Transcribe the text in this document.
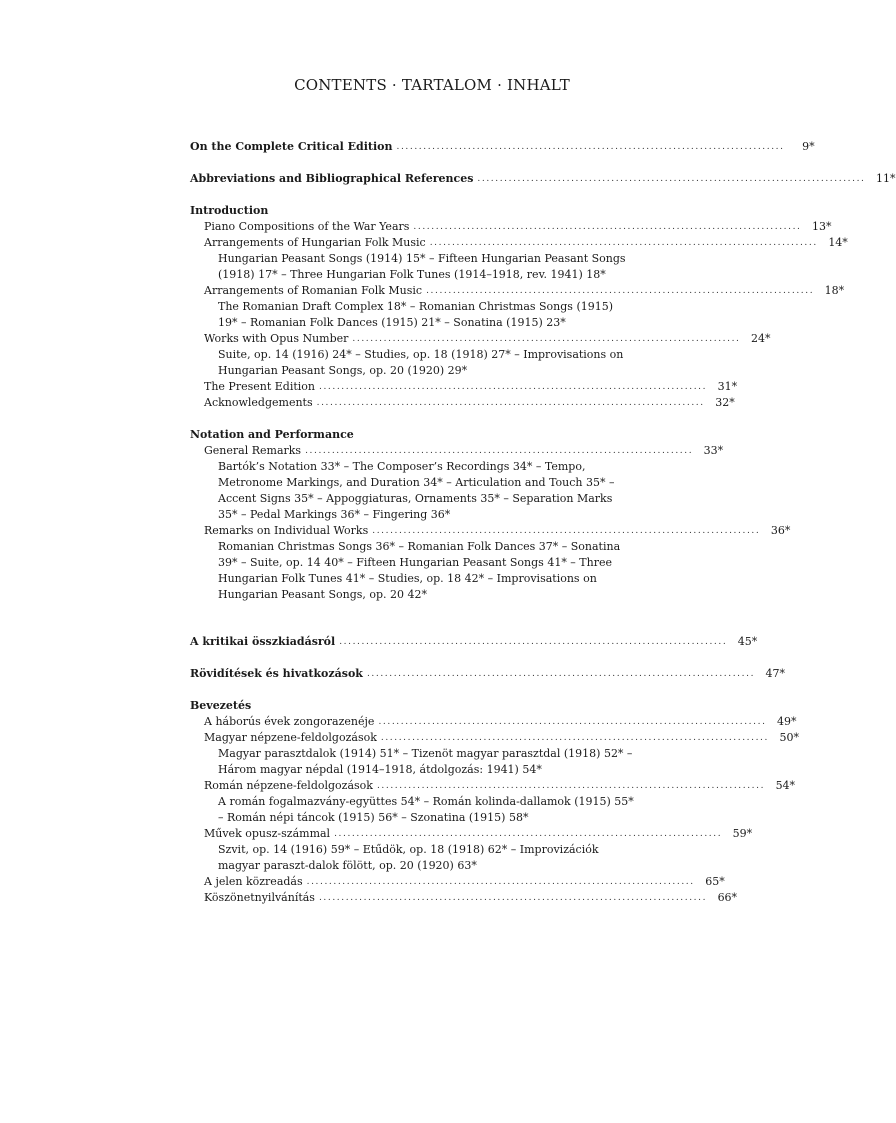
CONTENTS · TARTALOM · INHALT
On the Complete Critical Edition .......................................................................................	9*
Abbreviations and Bibliographical References ....................................................................................... 11*
Introduction
Piano Compositions of the War Years ....................................................................................... 13*
Arrangements of Hungarian Folk Music ....................................................................................... 14*
Hungarian Peasant Songs (1914) 15* – Fifteen Hungarian Peasant Songs (1918) 17* – Three Hungarian Folk Tunes (1914–1918, rev. 1941) 18*
Arrangements of Romanian Folk Music ....................................................................................... 18*
The Romanian Draft Complex 18* – Romanian Christmas Songs (1915) 19* – Romanian Folk Dances (1915) 21* – Sonatina (1915) 23*
Works with Opus Number ....................................................................................... 24*
Suite, op. 14 (1916) 24* – Studies, op. 18 (1918) 27* – Improvisations on Hungarian Peasant Songs, op. 20 (1920) 29*
The Present Edition ....................................................................................... 31*
Acknowledgements ....................................................................................... 32*
Notation and Performance
General Remarks ....................................................................................... 33*
Bartók’s Notation 33* – The Composer’s Recordings 34* – Tempo, Metronome Markings, and Duration 34* – Articulation and Touch 35* – Accent Signs 35* – Appoggiaturas, Ornaments 35* – Separation Marks 35* – Pedal Markings 36* – Fingering 36*
Remarks on Individual Works ....................................................................................... 36*
Romanian Christmas Songs 36* – Romanian Folk Dances 37* – Sonatina 39* – Suite, op. 14 40* – Fifteen Hungarian Peasant Songs 41* – Three Hungarian Folk Tunes 41* – Studies, op. 18 42* – Improvisations on Hungarian Peasant Songs, op. 20 42*
A kritikai összkiadásról ....................................................................................... 45*
Rövidítések és hivatkozások ....................................................................................... 47*
Bevezetés
A háborús évek zongorazenéje ....................................................................................... 49*
Magyar népzene-feldolgozások ....................................................................................... 50*
Magyar parasztdalok (1914) 51* – Tizenöt magyar parasztdal (1918) 52* – Három magyar népdal (1914–1918, átdolgozás: 1941) 54*
Román népzene-feldolgozások ....................................................................................... 54*
A román fogalmazvány-együttes 54* – Román kolinda-dallamok (1915) 55* – Román népi táncok (1915) 56* – Szonatina (1915) 58*
Művek opusz-számmal ....................................................................................... 59*
Szvit, op. 14 (1916) 59* – Etűdök, op. 18 (1918) 62* – Improvizációk magyar paraszt-dalok fölött, op. 20 (1920) 63*
A jelen közreadás ....................................................................................... 65*
Köszönetnyilvánítás ....................................................................................... 66*
